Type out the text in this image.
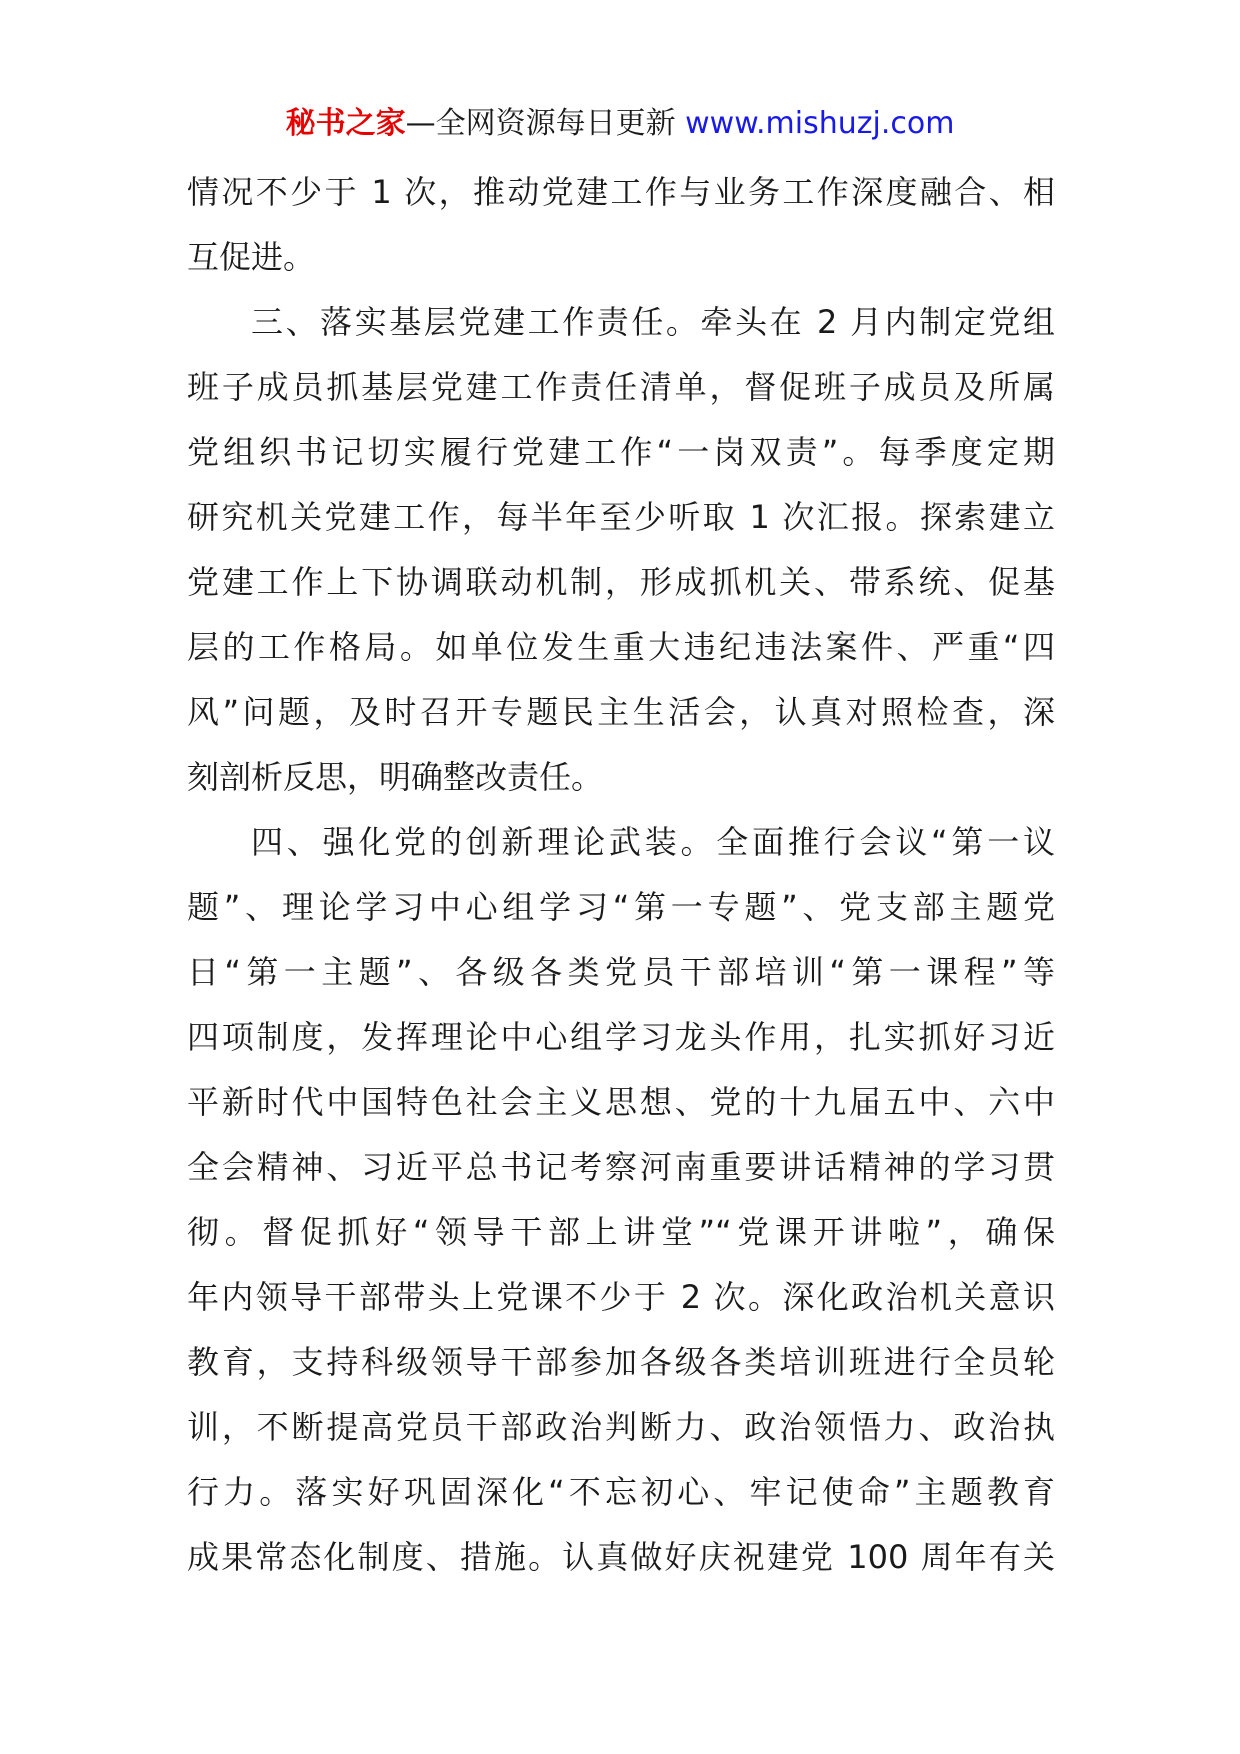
秘书之家—全网资源每日更新 www.mishuzj.com
情况不少于 1 次，推动党建工作与业务工作深度融合、相
互促进。
三、落实基层党建工作责任。牵头在 2 月内制定党组
班子成员抓基层党建工作责任清单，督促班子成员及所属
党组织书记切实履行党建工作“一岗双责”。每季度定期
研究机关党建工作，每半年至少听取 1 次汇报。探索建立
党建工作上下协调联动机制，形成抓机关、带系统、促基
层的工作格局。如单位发生重大违纪违法案件、严重“四
风”问题，及时召开专题民主生活会，认真对照检查，深
刻剖析反思，明确整改责任。
四、强化党的创新理论武装。全面推行会议“第一议
题”、理论学习中心组学习“第一专题”、党支部主题党
日“第一主题”、各级各类党员干部培训“第一课程”等
四项制度，发挥理论中心组学习龙头作用，扎实抓好习近
平新时代中国特色社会主义思想、党的十九届五中、六中
全会精神、习近平总书记考察河南重要讲话精神的学习贯
彻。督促抓好“领导干部上讲堂”“党课开讲啦”，确保
年内领导干部带头上党课不少于 2 次。深化政治机关意识
教育，支持科级领导干部参加各级各类培训班进行全员轮
训，不断提高党员干部政治判断力、政治领悟力、政治执
行力。落实好巩固深化“不忘初心、牢记使命”主题教育
成果常态化制度、措施。认真做好庆祝建党 100 周年有关
